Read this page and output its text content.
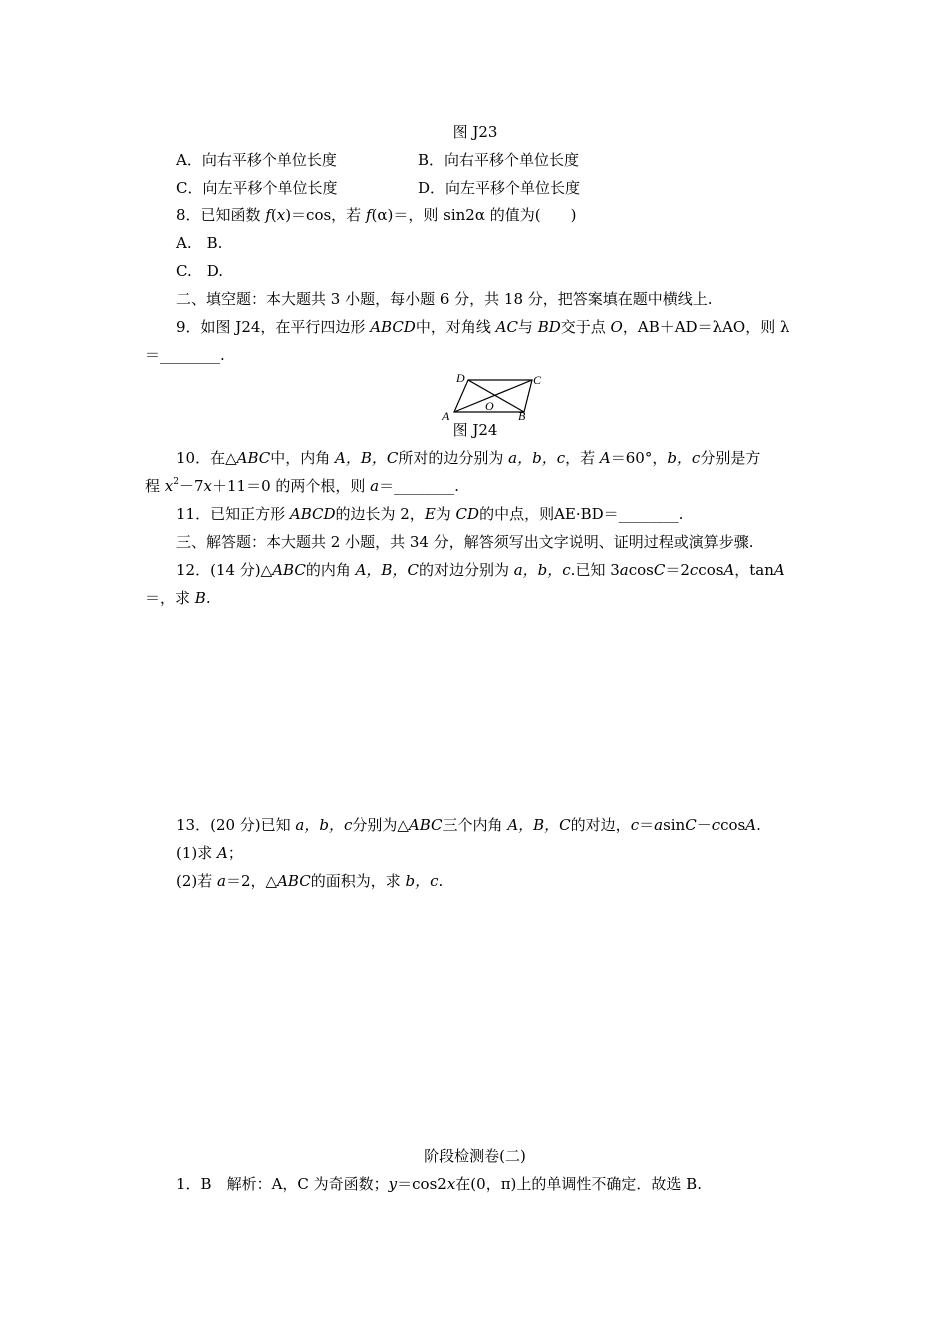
图 J23
A．向右平移个单位长度	B．向右平移个单位长度
C．向左平移个单位长度	D．向左平移个单位长度
8．已知函数 f(x)＝cos，若 f(α)＝，则 sin2α 的值为(　　)
A.　B.
C.　D.
二、填空题：本大题共 3 小题，每小题 6 分，共 18 分，把答案填在题中横线上.
9．如图 J24，在平行四边形 ABCD中，对角线 AC与 BD交于点 O，AB＋AD＝λAO，则 λ
＝________.
A	B
C
D
O
图 J24
10．在△ABC中，内角 A，B，C所对的边分别为 a，b，c，若 A＝60°，b，c分别是方
程 $x^2-7x+11=0$ 的两个根，则 a＝________.
11．已知正方形 ABCD的边长为 2，E为 CD的中点，则AE·BD＝________.
三、解答题：本大题共 2 小题，共 34 分，解答须写出文字说明、证明过程或演算步骤.
12．(14 分)△ABC的内角 A，B，C的对边分别为 a，b，c.已知 3acosC＝2ccosA，tanA
＝，求 B.
13．(20 分)已知 a，b，c分别为△ABC三个内角 A，B，C的对边，c＝asinC－ccosA.
(1)求 A；
(2)若 a＝2，△ABC的面积为，求 b，c.
阶段检测卷(二)
1．B　解析：A，C 为奇函数；y＝cos2x在(0，π)上的单调性不确定．故选 B.
